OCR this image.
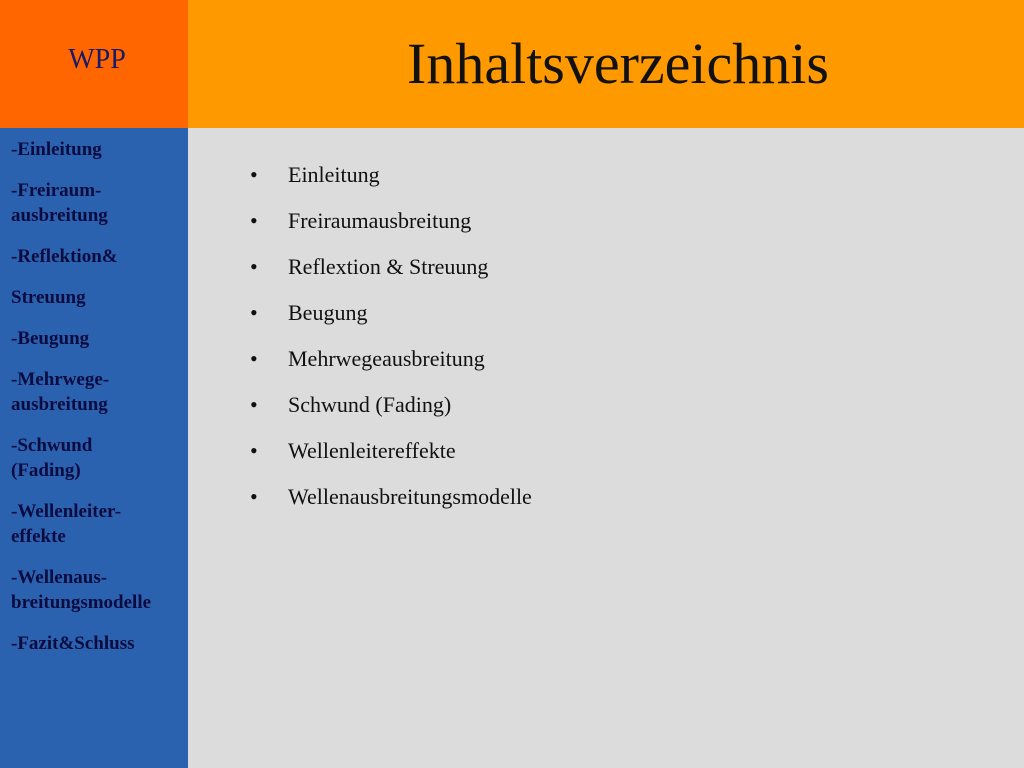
WPP	Inhaltsverzeichnis
-Einleitung
-Freiraum-
ausbreitung
-Reflektion&
Streuung
-Beugung
-Mehrwege-
ausbreitung
-Schwund
(Fading)
-Wellenleiter-
effekte
-Wellenaus-
breitungsmodelle
-Fazit&Schluss
•	Einleitung
•	Freiraumausbreitung
•	Reflextion & Streuung
•	Beugung
•	Mehrwegeausbreitung
•	Schwund (Fading)
•	Wellenleitereffekte
•	Wellenausbreitungsmodelle
